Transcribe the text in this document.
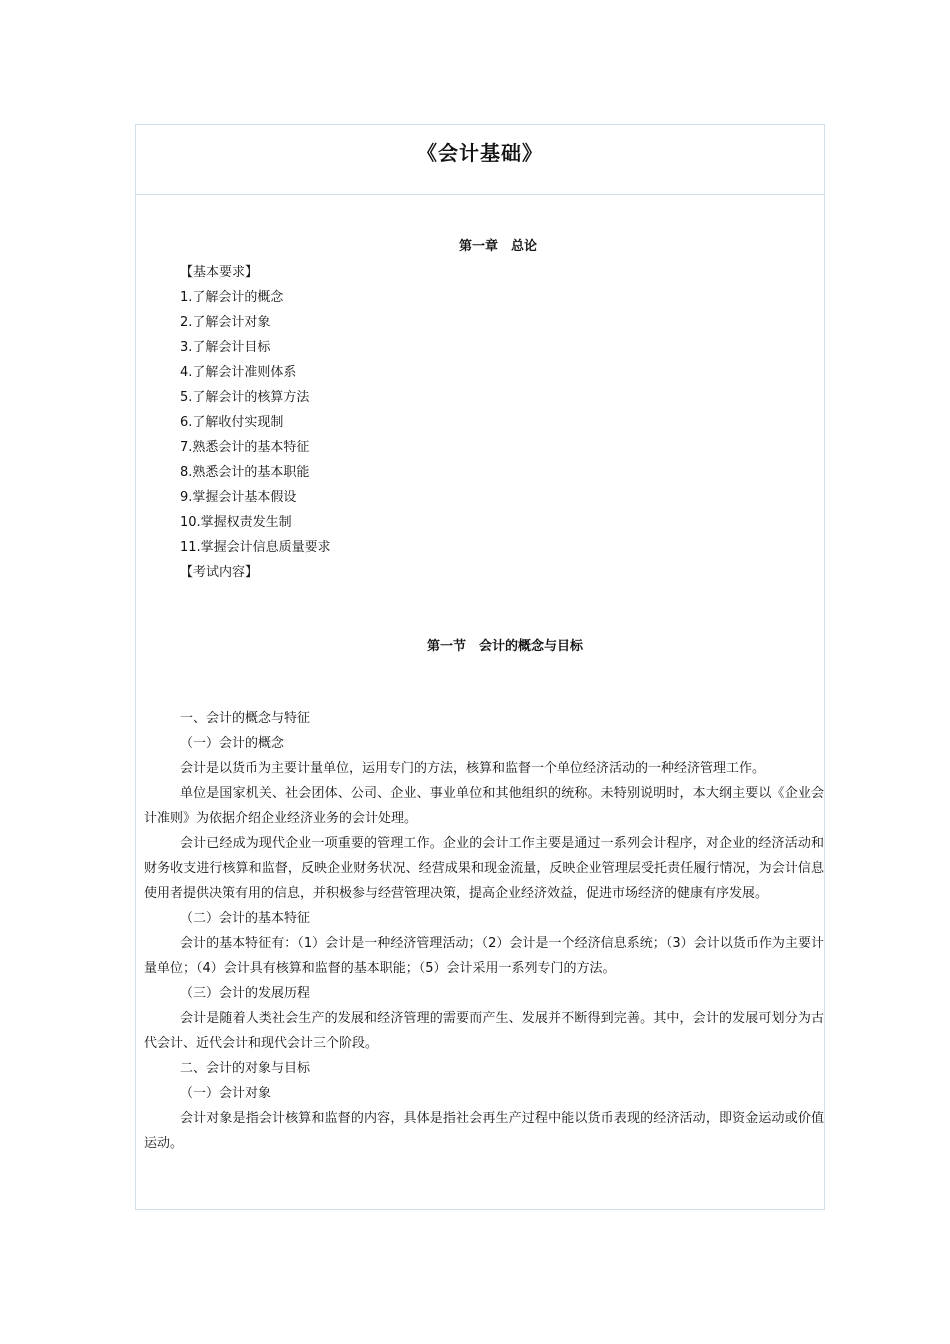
《会计基础》
第一章　总论
【基本要求】
1.了解会计的概念
2.了解会计对象
3.了解会计目标
4.了解会计准则体系
5.了解会计的核算方法
6.了解收付实现制
7.熟悉会计的基本特征
8.熟悉会计的基本职能
9.掌握会计基本假设
10.掌握权责发生制
11.掌握会计信息质量要求
【考试内容】
第一节　会计的概念与目标
一、会计的概念与特征
（一）会计的概念
会计是以货币为主要计量单位，运用专门的方法，核算和监督一个单位经济活动的一种经济管理工作。
单位是国家机关、社会团体、公司、企业、事业单位和其他组织的统称。未特别说明时，本大纲主要以《企业会计准则》为依据介绍企业经济业务的会计处理。
会计已经成为现代企业一项重要的管理工作。企业的会计工作主要是通过一系列会计程序，对企业的经济活动和财务收支进行核算和监督，反映企业财务状况、经营成果和现金流量，反映企业管理层受托责任履行情况，为会计信息使用者提供决策有用的信息，并积极参与经营管理决策，提高企业经济效益，促进市场经济的健康有序发展。
（二）会计的基本特征
会计的基本特征有：（1）会计是一种经济管理活动；（2）会计是一个经济信息系统；（3）会计以货币作为主要计量单位；（4）会计具有核算和监督的基本职能；（5）会计采用一系列专门的方法。
（三）会计的发展历程
会计是随着人类社会生产的发展和经济管理的需要而产生、发展并不断得到完善。其中，会计的发展可划分为古代会计、近代会计和现代会计三个阶段。
二、会计的对象与目标
（一）会计对象
会计对象是指会计核算和监督的内容，具体是指社会再生产过程中能以货币表现的经济活动，即资金运动或价值运动。
